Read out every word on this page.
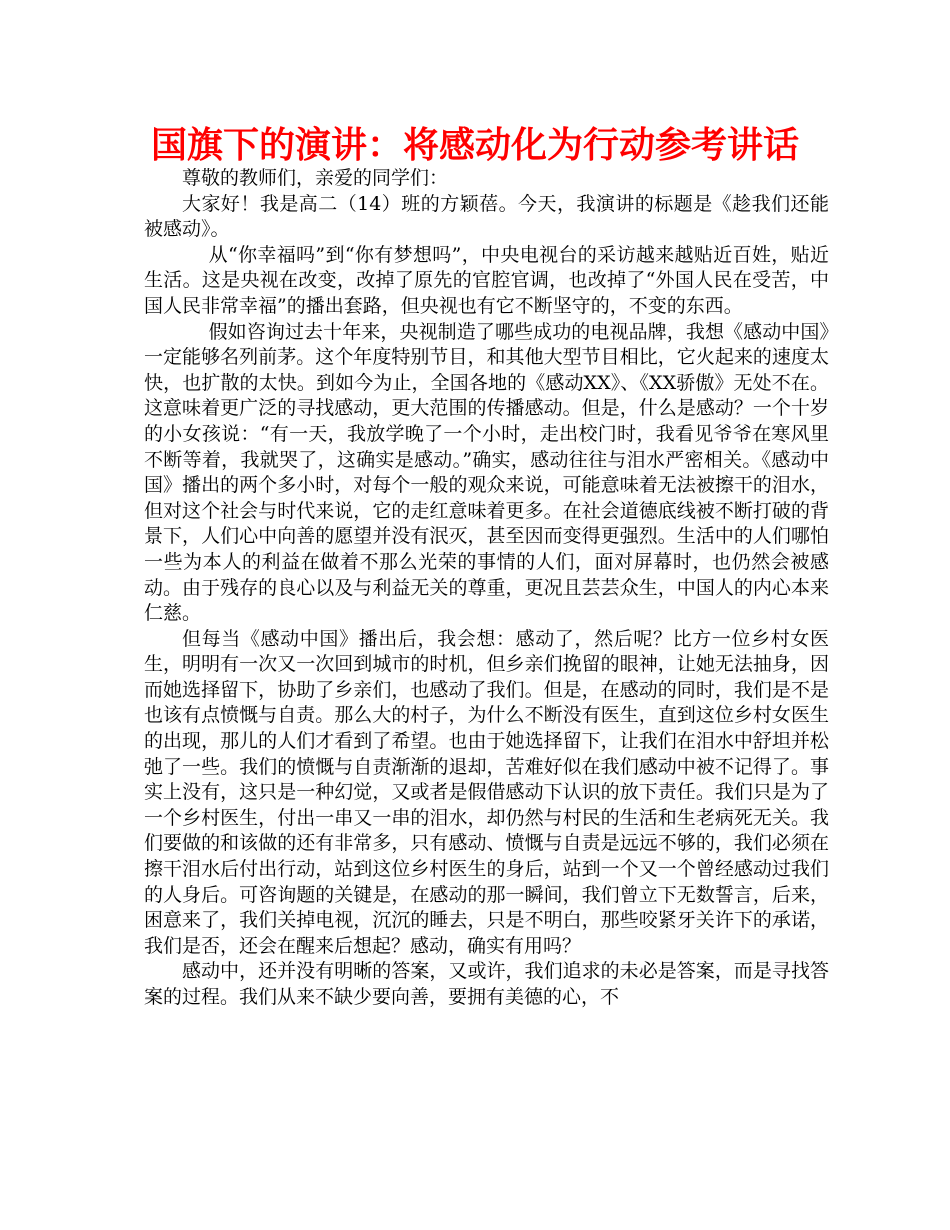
国旗下的演讲：将感动化为行动参考讲话

尊敬的教师们，亲爱的同学们：

大家好！我是高二（14）班的方颖蓓。今天，我演讲的标题是《趁我们还能被感动》。

从“你幸福吗”到“你有梦想吗”，中央电视台的采访越来越贴近百姓，贴近生活。这是央视在改变，改掉了原先的官腔官调，也改掉了“外国人民在受苦，中国人民非常幸福”的播出套路，但央视也有它不断坚守的，不变的东西。

假如咨询过去十年来，央视制造了哪些成功的电视品牌，我想《感动中国》一定能够名列前茅。这个年度特别节目，和其他大型节目相比，它火起来的速度太快，也扩散的太快。到如今为止，全国各地的《感动XX》、《XX骄傲》无处不在。这意味着更广泛的寻找感动，更大范围的传播感动。但是，什么是感动？一个十岁的小女孩说：“有一天，我放学晚了一个小时，走出校门时，我看见爷爷在寒风里不断等着，我就哭了，这确实是感动。”确实，感动往往与泪水严密相关。《感动中国》播出的两个多小时，对每个一般的观众来说，可能意味着无法被擦干的泪水，但对这个社会与时代来说，它的走红意味着更多。在社会道德底线被不断打破的背景下，人们心中向善的愿望并没有泯灭，甚至因而变得更强烈。生活中的人们哪怕一些为本人的利益在做着不那么光荣的事情的人们，面对屏幕时，也仍然会被感动。由于残存的良心以及与利益无关的尊重，更况且芸芸众生，中国人的内心本来仁慈。

但每当《感动中国》播出后，我会想：感动了，然后呢？比方一位乡村女医生，明明有一次又一次回到城市的时机，但乡亲们挽留的眼神，让她无法抽身，因而她选择留下，协助了乡亲们，也感动了我们。但是，在感动的同时，我们是不是也该有点愤慨与自责。那么大的村子，为什么不断没有医生，直到这位乡村女医生的出现，那儿的人们才看到了希望。也由于她选择留下，让我们在泪水中舒坦并松弛了一些。我们的愤慨与自责渐渐的退却，苦难好似在我们感动中被不记得了。事实上没有，这只是一种幻觉，又或者是假借感动下认识的放下责任。我们只是为了一个乡村医生，付出一串又一串的泪水，却仍然与村民的生活和生老病死无关。我们要做的和该做的还有非常多，只有感动、愤慨与自责是远远不够的，我们必须在擦干泪水后付出行动，站到这位乡村医生的身后，站到一个又一个曾经感动过我们的人身后。可咨询题的关键是，在感动的那一瞬间，我们曾立下无数誓言，后来，困意来了，我们关掉电视，沉沉的睡去，只是不明白，那些咬紧牙关许下的承诺，我们是否，还会在醒来后想起？感动，确实有用吗？

感动中，还并没有明晰的答案，又或许，我们追求的未必是答案，而是寻找答案的过程。我们从来不缺少要向善，要拥有美德的心，不
